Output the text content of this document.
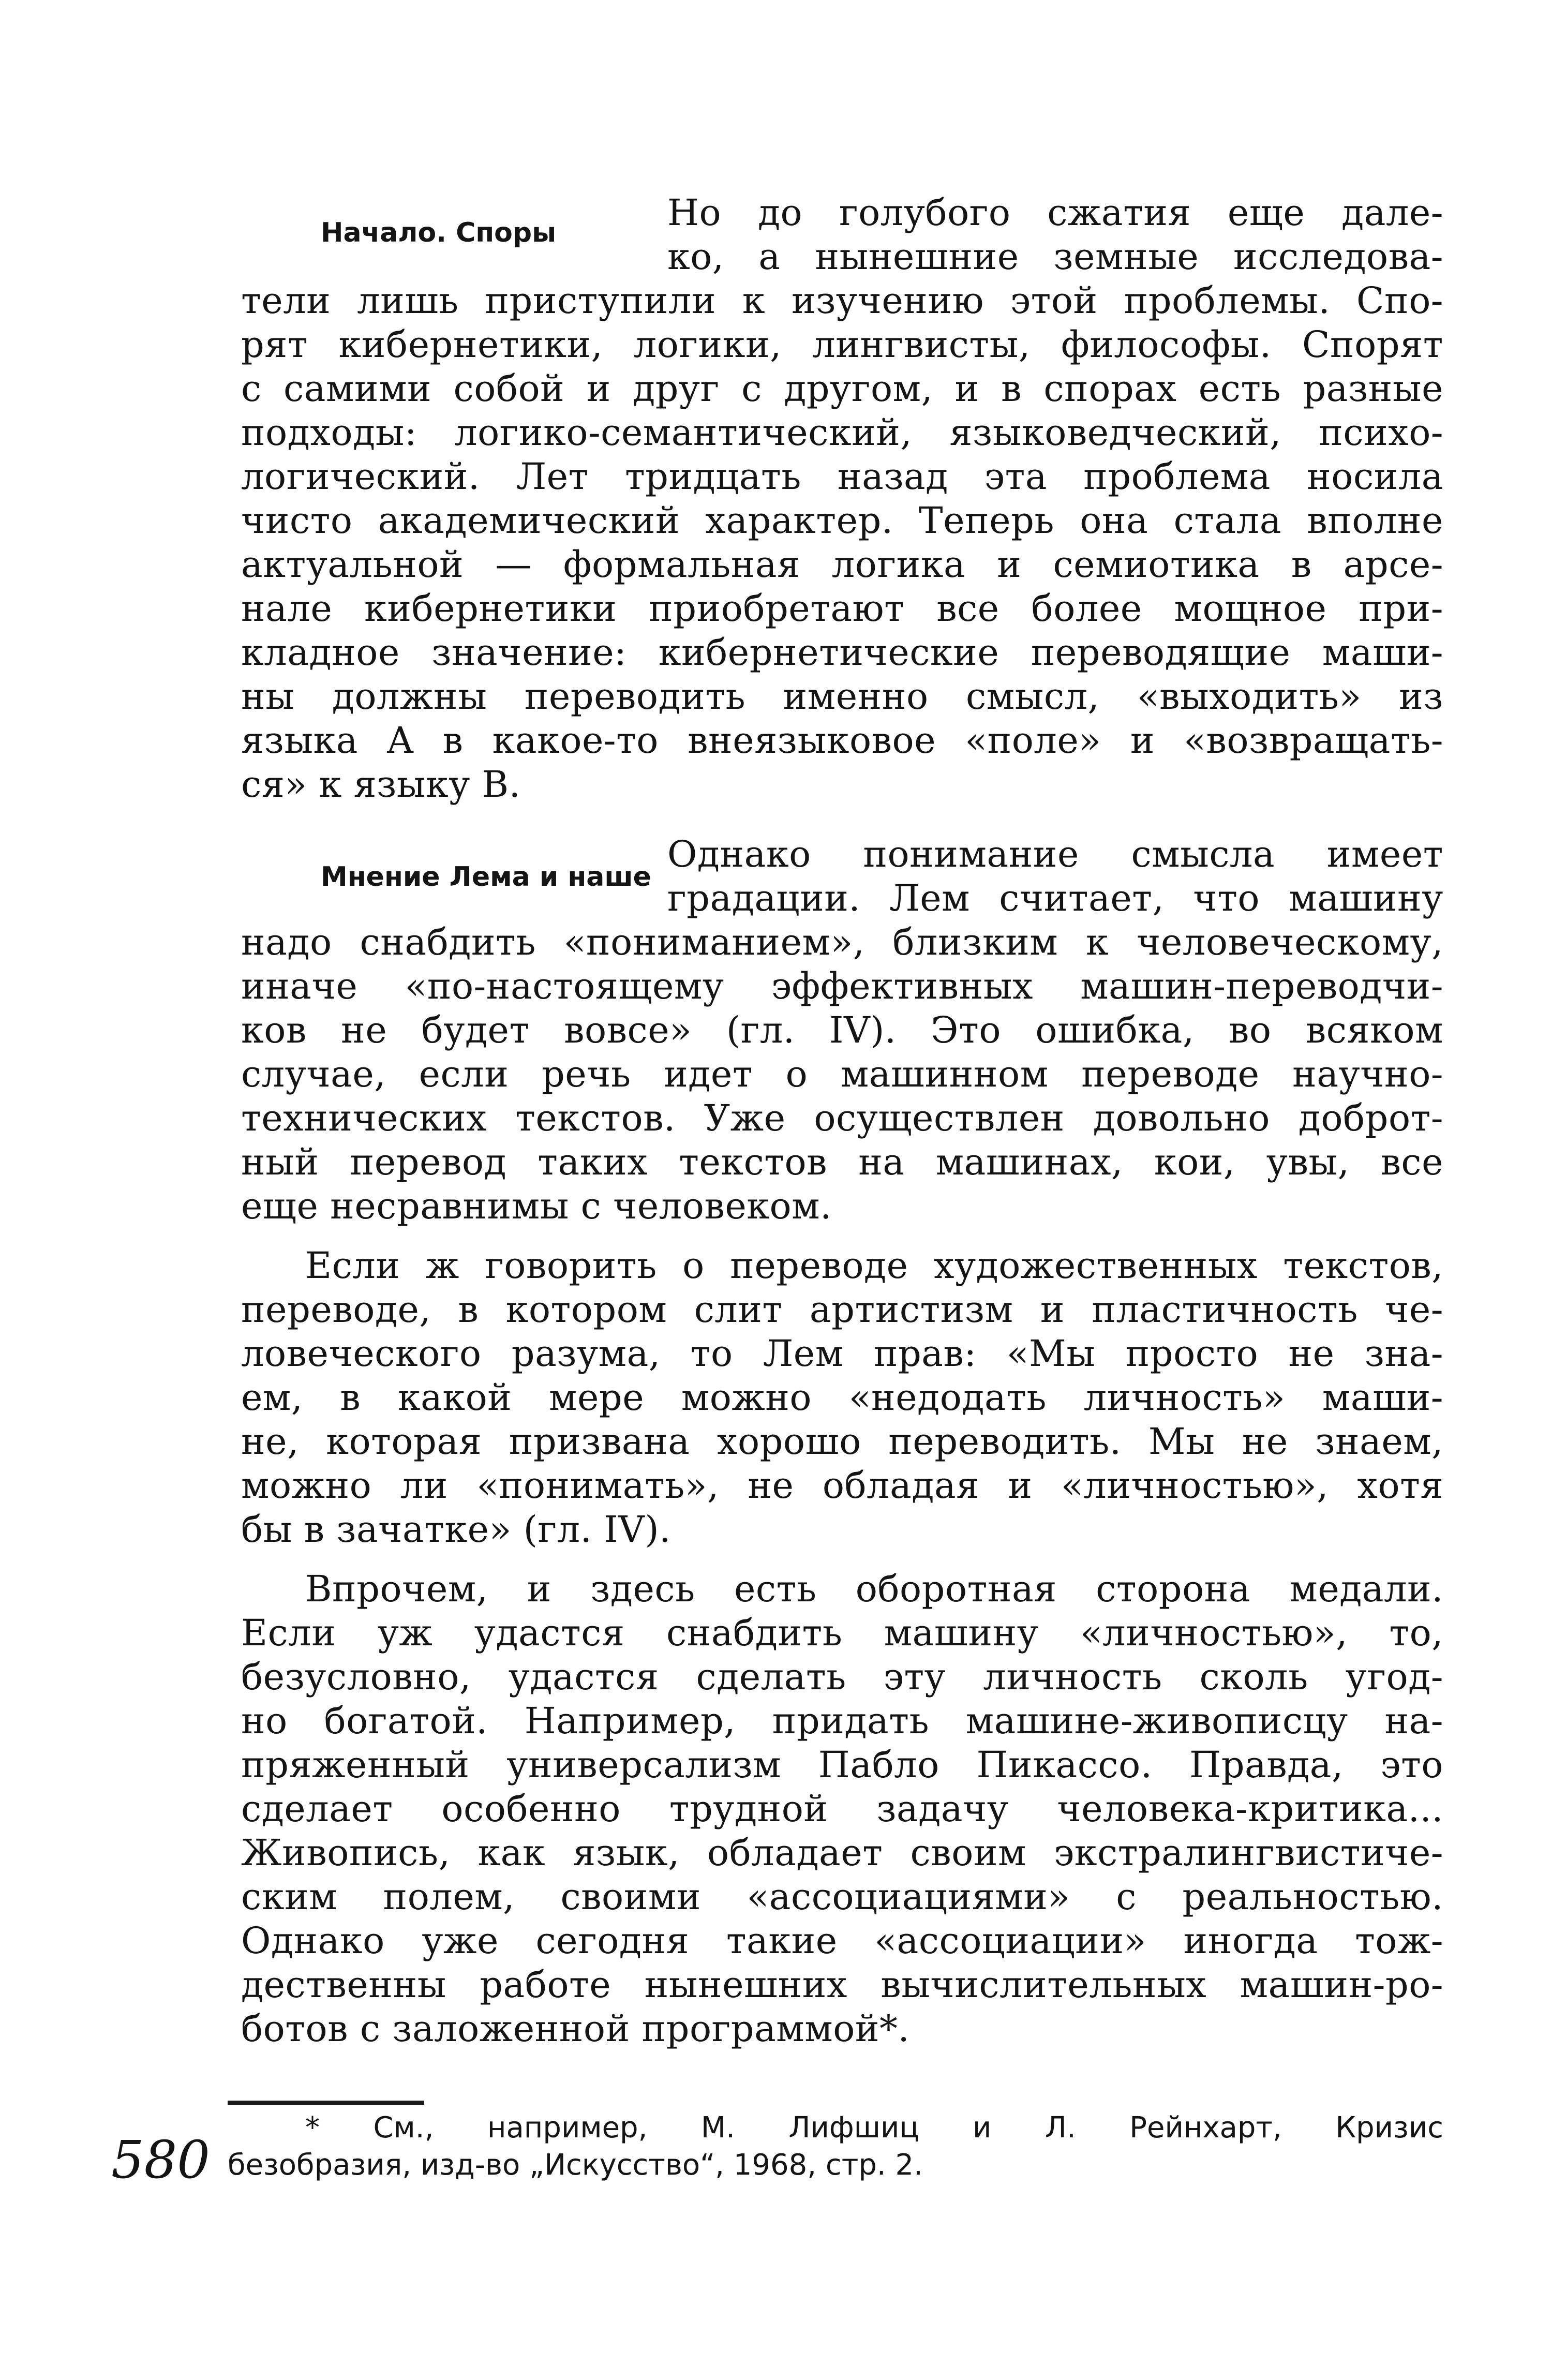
Начало. Споры
Мнение Лема и наше
Но до голубого сжатия еще дале-
ко, а нынешние земные исследова-
тели лишь приступили к изучению этой проблемы. Спо-
рят кибернетики, логики, лингвисты, философы. Спорят
с самими собой и друг с другом, и в спорах есть разные
подходы: логико-семантический, языковедческий, психо-
логический. Лет тридцать назад эта проблема носила
чисто академический характер. Теперь она стала вполне
актуальной — формальная логика и семиотика в арсе-
нале кибернетики приобретают все более мощное при-
кладное значение: кибернетические переводящие маши-
ны должны переводить именно смысл, «выходить» из
языка A в какое-то внеязыковое «поле» и «возвращать-
ся» к языку B.
Однако понимание смысла имеет
градации. Лем считает, что машину
надо снабдить «пониманием», близким к человеческому,
иначе «по-настоящему эффективных машин-переводчи-
ков не будет вовсе» (гл. IV). Это ошибка, во всяком
случае, если речь идет о машинном переводе научно-
технических текстов. Уже осуществлен довольно доброт-
ный перевод таких текстов на машинах, кои, увы, все
еще несравнимы с человеком.
Если ж говорить о переводе художественных текстов,
переводе, в котором слит артистизм и пластичность че-
ловеческого разума, то Лем прав: «Мы просто не зна-
ем, в какой мере можно «недодать личность» маши-
не, которая призвана хорошо переводить. Мы не знаем,
можно ли «понимать», не обладая и «личностью», хотя
бы в зачатке» (гл. IV).
Впрочем, и здесь есть оборотная сторона медали.
Если уж удастся снабдить машину «личностью», то,
безусловно, удастся сделать эту личность сколь угод-
но богатой. Например, придать машине-живописцу на-
пряженный универсализм Пабло Пикассо. Правда, это
сделает особенно трудной задачу человека-критика...
Живопись, как язык, обладает своим экстралингвистиче-
ским полем, своими «ассоциациями» с реальностью.
Однако уже сегодня такие «ассоциации» иногда тож-
дественны работе нынешних вычислительных машин-ро-
ботов с заложенной программой*.
* См., например, М. Лифшиц и Л. Рейнхарт, Кризис
безобразия, изд-во „Искусство“, 1968, стр. 2.
580
